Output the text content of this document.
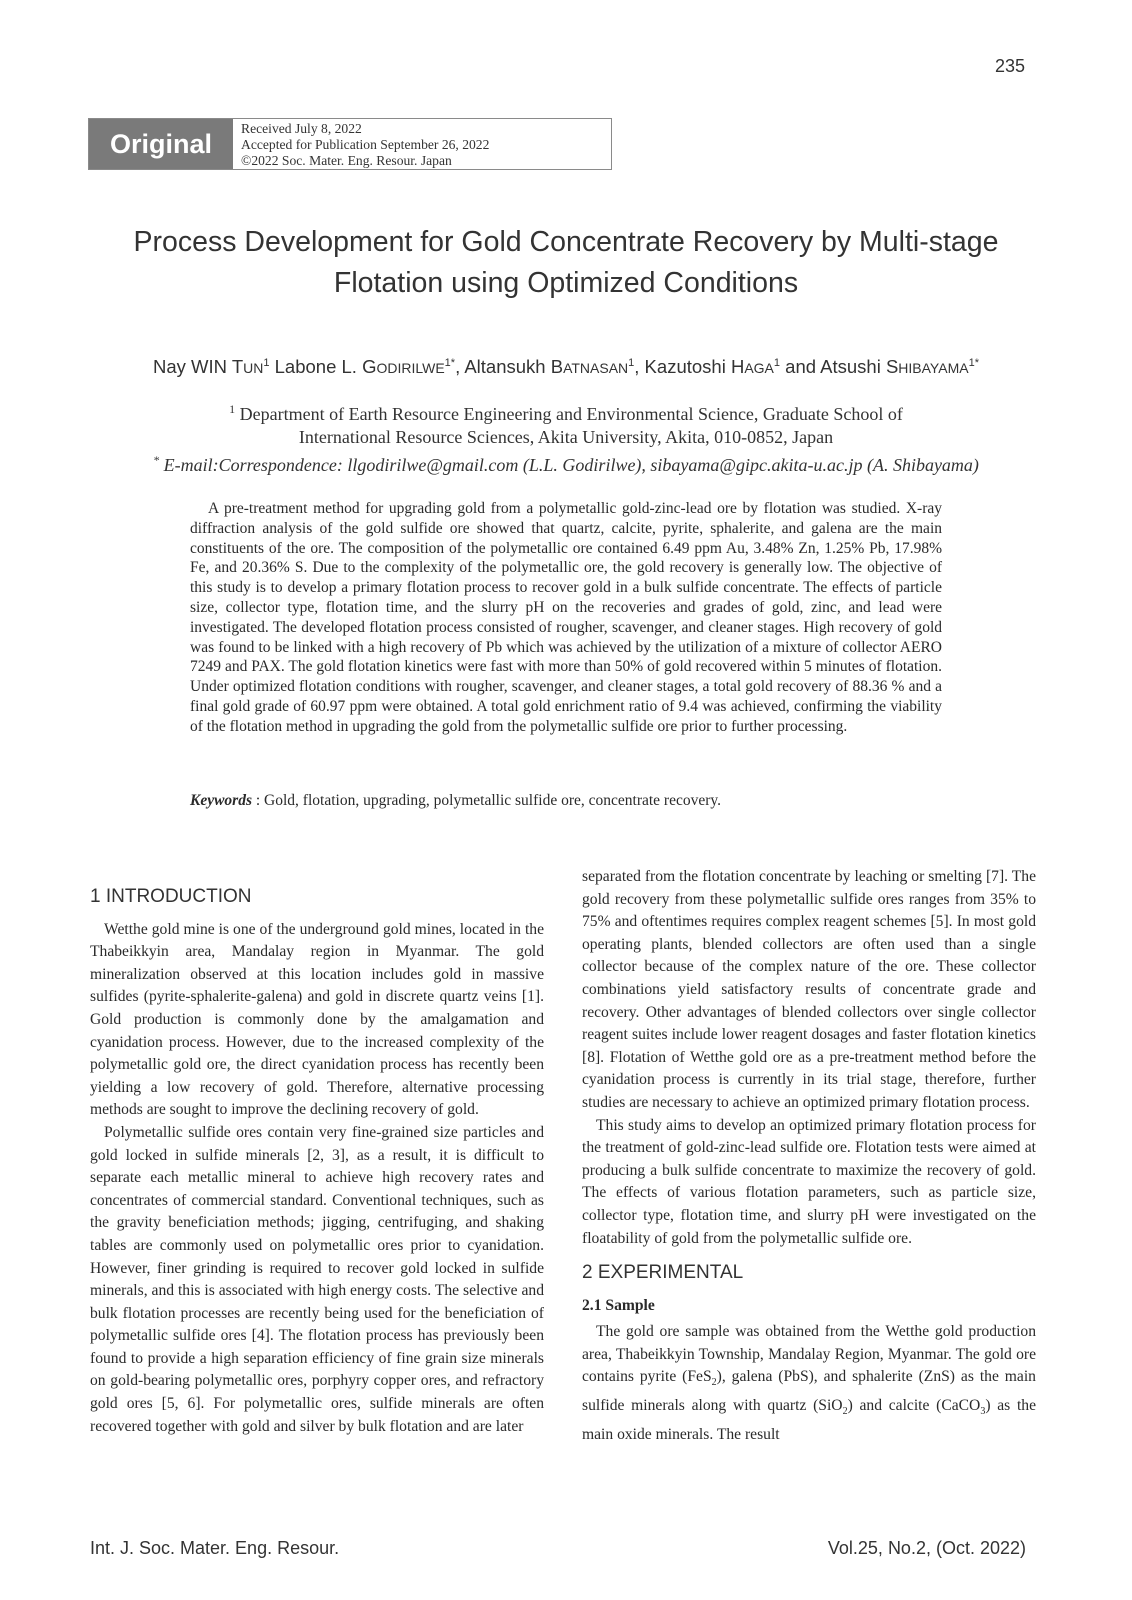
235
Original	Received July 8, 2022
Accepted for Publication September 26, 2022
©2022 Soc. Mater. Eng. Resour. Japan
Process Development for Gold Concentrate Recovery by Multi-stage
Flotation using Optimized Conditions
Nay WIN TUN$^1$ Labone L. $GODIRILWE^{1*}$, Altansukh BATNASAN$^1$, Kazutoshi HAGA$^1$ and Atsushi $SHIBAYAMA^{1*}$
$^1$ Department of Earth Resource Engineering and Environmental Science, Graduate School of
International Resource Sciences, Akita University, Akita, 010-0852, Japan
* E-mail:Correspondence: llgodirilwe@gmail.com (L.L. Godirilwe), sibayama@gipc.akita-u.ac.jp (A. Shibayama)
A pre-treatment method for upgrading gold from a polymetallic gold-zinc-lead ore by flotation was studied. X-ray diffraction analysis of the gold sulfide ore showed that quartz, calcite, pyrite, sphalerite, and galena are the main constituents of the ore. The composition of the polymetallic ore contained 6.49 ppm Au, 3.48% Zn, 1.25% Pb, 17.98% Fe, and 20.36% S. Due to the complexity of the polymetallic ore, the gold recovery is generally low. The objective of this study is to develop a primary flotation process to recover gold in a bulk sulfide concentrate. The effects of particle size, collector type, flotation time, and the slurry pH on the recoveries and grades of gold, zinc, and lead were investigated. The developed flotation process consisted of rougher, scavenger, and cleaner stages. High recovery of gold was found to be linked with a high recovery of Pb which was achieved by the utilization of a mixture of collector AERO 7249 and PAX. The gold flotation kinetics were fast with more than 50% of gold recovered within 5 minutes of flotation. Under optimized flotation conditions with rougher, scavenger, and cleaner stages, a total gold recovery of 88.36 % and a final gold grade of 60.97 ppm were obtained. A total gold enrichment ratio of 9.4 was achieved, confirming the viability of the flotation method in upgrading the gold from the polymetallic sulfide ore prior to further processing.
Keywords : Gold, flotation, upgrading, polymetallic sulfide ore, concentrate recovery.
1 INTRODUCTION

Wetthe gold mine is one of the underground gold mines, located in the Thabeikkyin area, Mandalay region in Myanmar. The gold mineralization observed at this location includes gold in massive sulfides (pyrite-sphalerite-galena) and gold in discrete quartz veins [1]. Gold production is commonly done by the amalgamation and cyanidation process. However, due to the increased complexity of the polymetallic gold ore, the direct cyanidation process has recently been yielding a low recovery of gold. Therefore, alternative processing methods are sought to improve the declining recovery of gold.

Polymetallic sulfide ores contain very fine-grained size particles and gold locked in sulfide minerals [2, 3], as a result, it is difficult to separate each metallic mineral to achieve high recovery rates and concentrates of commercial standard. Conventional techniques, such as the gravity beneficiation methods; jigging, centrifuging, and shaking tables are commonly used on polymetallic ores prior to cyanidation. However, finer grinding is required to recover gold locked in sulfide minerals, and this is associated with high energy costs. The selective and bulk flotation processes are recently being used for the beneficiation of polymetallic sulfide ores [4]. The flotation process has previously been found to provide a high separation efficiency of fine grain size minerals on gold-bearing polymetallic ores, porphyry copper ores, and refractory gold ores [5, 6]. For polymetallic ores, sulfide minerals are often recovered together with gold and silver by bulk flotation and are later

separated from the flotation concentrate by leaching or smelting [7]. The gold recovery from these polymetallic sulfide ores ranges from 35% to 75% and oftentimes requires complex reagent schemes [5]. In most gold operating plants, blended collectors are often used than a single collector because of the complex nature of the ore. These collector combinations yield satisfactory results of concentrate grade and recovery. Other advantages of blended collectors over single collector reagent suites include lower reagent dosages and faster flotation kinetics [8]. Flotation of Wetthe gold ore as a pre-treatment method before the cyanidation process is currently in its trial stage, therefore, further studies are necessary to achieve an optimized primary flotation process.

This study aims to develop an optimized primary flotation process for the treatment of gold-zinc-lead sulfide ore. Flotation tests were aimed at producing a bulk sulfide concentrate to maximize the recovery of gold. The effects of various flotation parameters, such as particle size, collector type, flotation time, and slurry pH were investigated on the floatability of gold from the polymetallic sulfide ore.

2 EXPERIMENTAL
2.1 Sample

The gold ore sample was obtained from the Wetthe gold production area, Thabeikkyin Township, Mandalay Region, Myanmar. The gold ore contains pyrite (FeS$_2$), galena (PbS), and sphalerite (ZnS) as the main sulfide minerals along with quartz (SiO$_2$) and calcite (CaCO$_3$) as the main oxide minerals. The result

Int. J. Soc. Mater. Eng. Resour.	Vol.25, No.2, (Oct. 2022)
